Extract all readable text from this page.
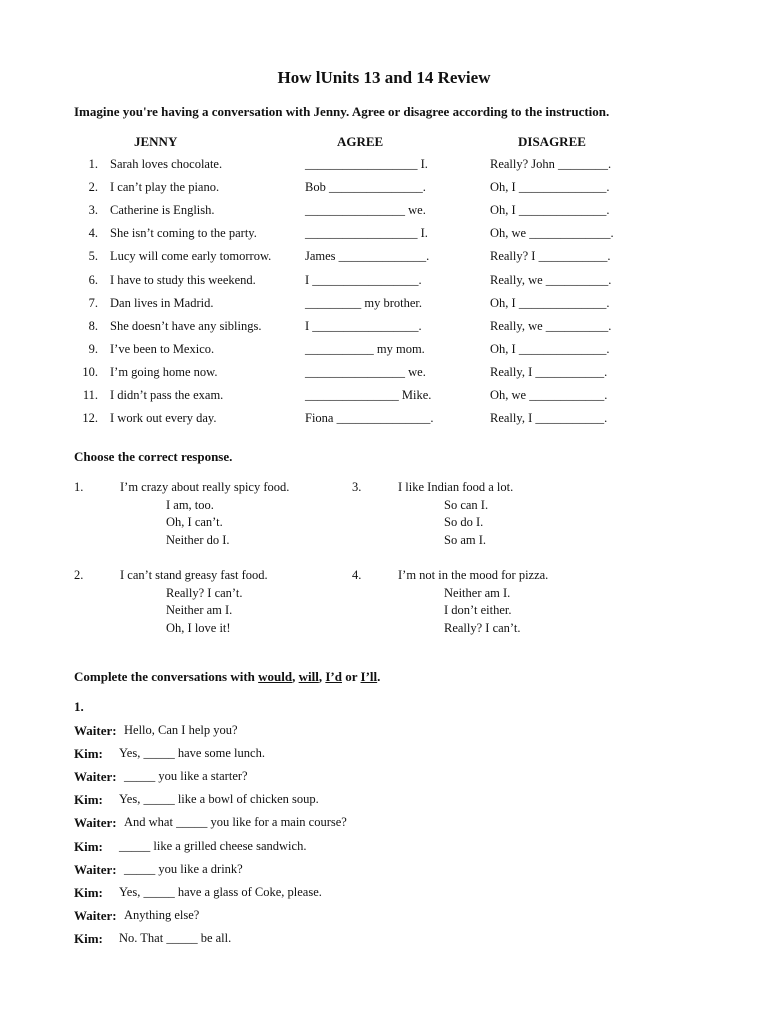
How lUnits 13 and 14 Review
Imagine you're having a conversation with Jenny. Agree or disagree according to the instruction.
JENNY	AGREE	DISAGREE
1. Sarah loves chocolate.	__________________ I.	Really? John ________.
2. I can’t play the piano.	Bob _______________.	Oh, I ______________.
3. Catherine is English.	________________ we.	Oh, I ______________.
4. She isn’t coming to the party.	__________________ I.	Oh, we _____________.
5. Lucy will come early tomorrow.	James ______________.	Really? I ___________.
6. I have to study this weekend.	I _________________.	Really, we __________.
7. Dan lives in Madrid.	_________ my brother.	Oh, I ______________.
8. She doesn’t have any siblings.	I _________________.	Really, we __________.
9. I’ve been to Mexico.	___________ my mom.	Oh, I ______________.
10. I’m going home now.	________________ we.	Really, I ___________.
11. I didn’t pass the exam.	_______________ Mike.	Oh, we ____________.
12. I work out every day.	Fiona _______________.	Really, I ___________.
Choose the correct response.
1.	I’m crazy about really spicy food.
I am, too.
Oh, I can’t.
Neither do I.
3.	I like Indian food a lot.
So can I.
So do I.
So am I.
2.	I can’t stand greasy fast food.
Really? I can’t.
Neither am I.
Oh, I love it!
4.	I’m not in the mood for pizza.
Neither am I.
I don’t either.
Really? I can’t.
Complete the conversations with would, will, I’d or I’ll.
1.
Waiter: Hello, Can I help you?
Kim: Yes, _____ have some lunch.
Waiter: _____ you like a starter?
Kim: Yes, _____ like a bowl of chicken soup.
Waiter: And what _____ you like for a main course?
Kim: _____ like a grilled cheese sandwich.
Waiter: _____ you like a drink?
Kim: Yes, _____ have a glass of Coke, please.
Waiter: Anything else?
Kim: No. That _____ be all.
